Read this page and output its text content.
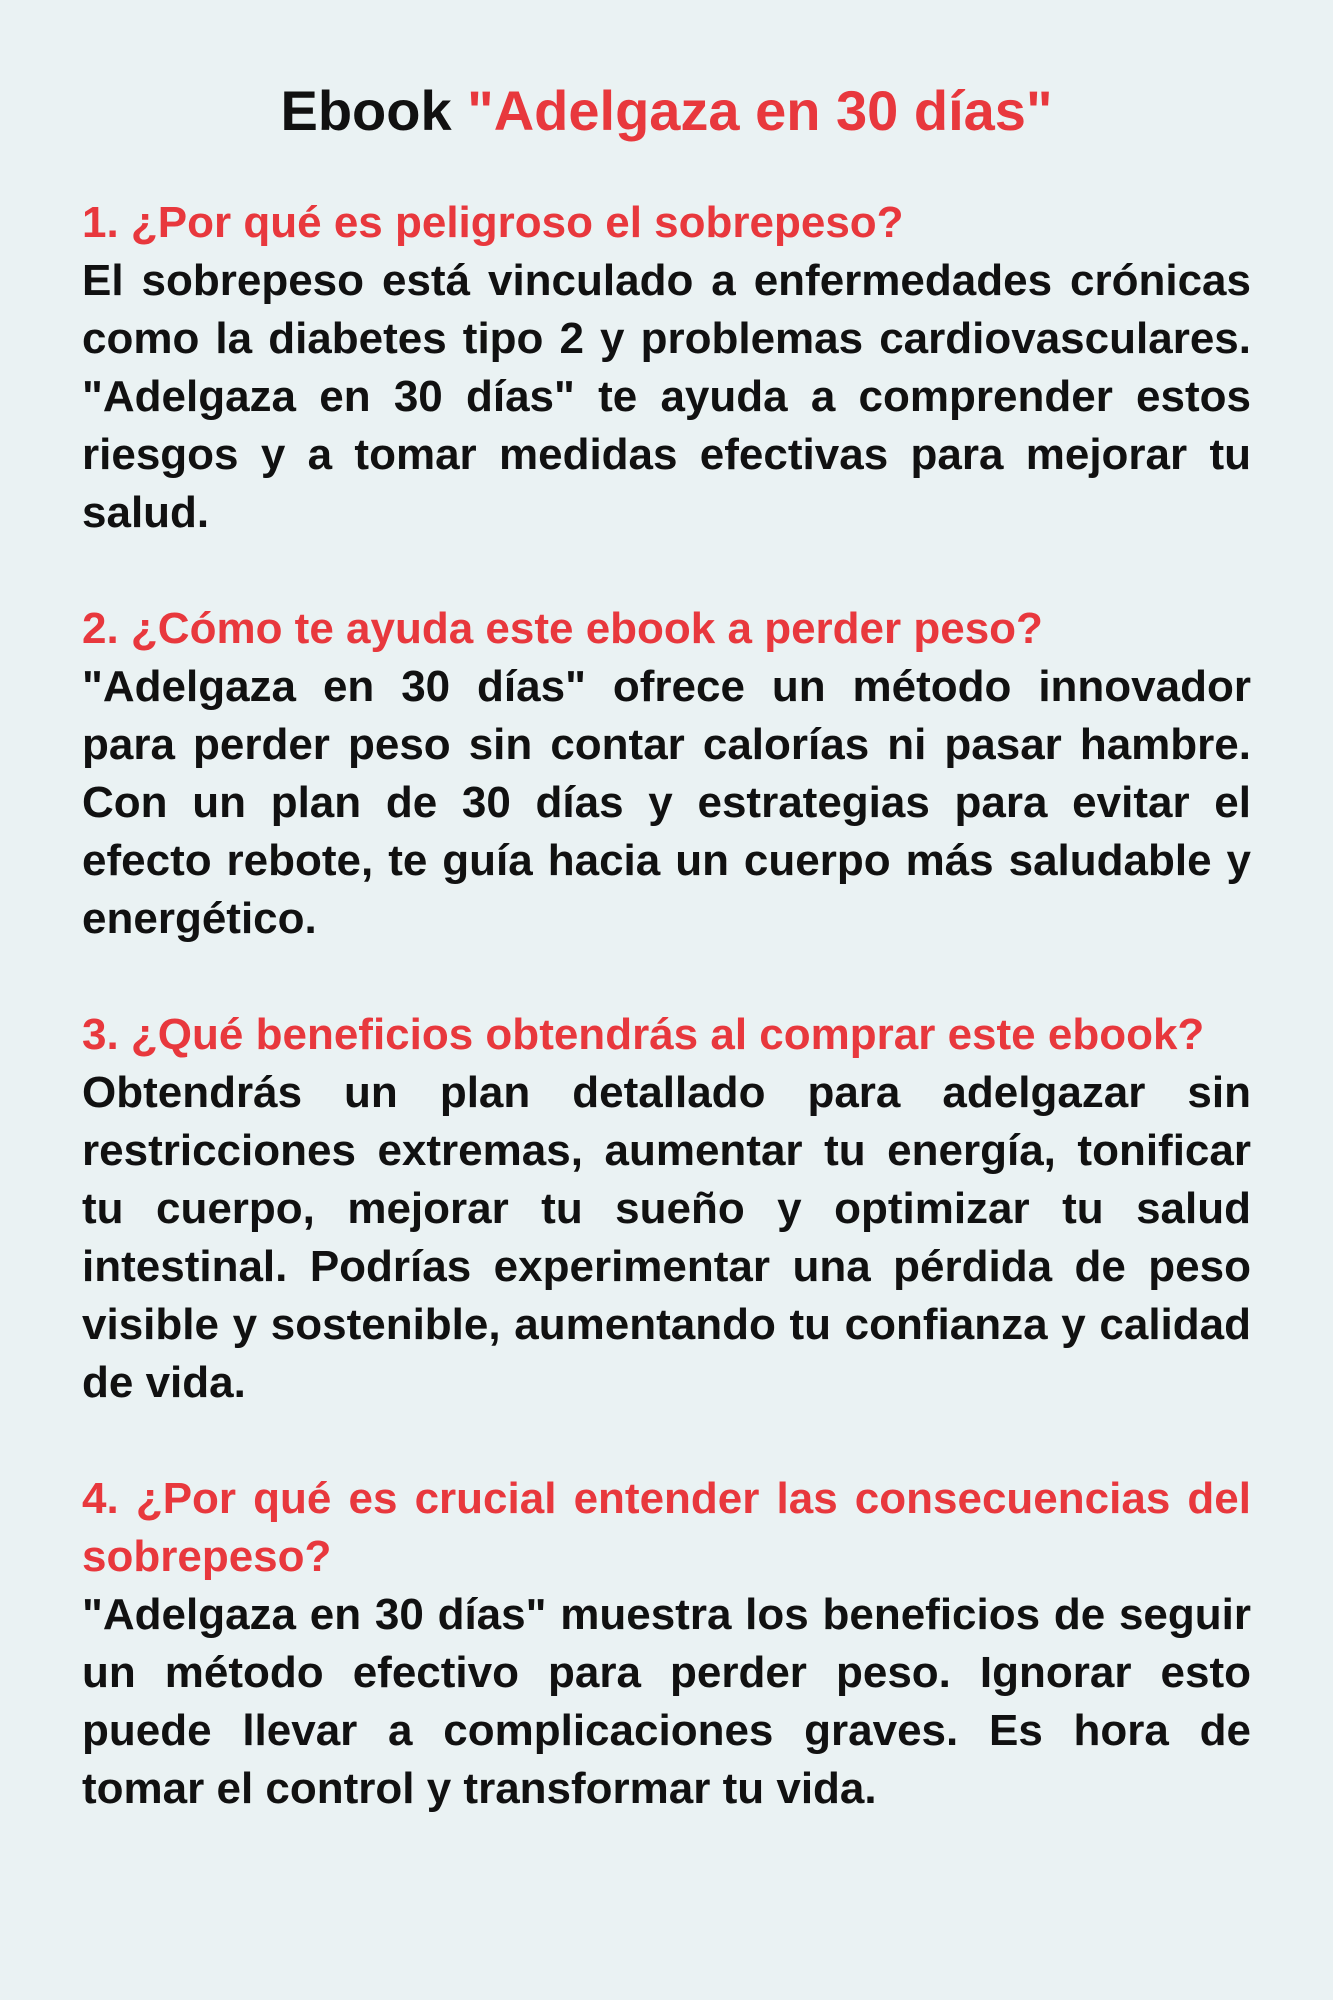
Ebook "Adelgaza en 30 días"

1. ¿Por qué es peligroso el sobrepeso?

El sobrepeso está vinculado a enfermedades crónicas como la diabetes tipo 2 y problemas cardiovasculares. "Adelgaza en 30 días" te ayuda a comprender estos riesgos y a tomar medidas efectivas para mejorar tu salud.

2. ¿Cómo te ayuda este ebook a perder peso?

"Adelgaza en 30 días" ofrece un método innovador para perder peso sin contar calorías ni pasar hambre. Con un plan de 30 días y estrategias para evitar el efecto rebote, te guía hacia un cuerpo más saludable y energético.

3. ¿Qué beneficios obtendrás al comprar este ebook?

Obtendrás un plan detallado para adelgazar sin restricciones extremas, aumentar tu energía, tonificar tu cuerpo, mejorar tu sueño y optimizar tu salud intestinal. Podrías experimentar una pérdida de peso visible y sostenible, aumentando tu confianza y calidad de vida.

4. ¿Por qué es crucial entender las consecuencias del sobrepeso?

"Adelgaza en 30 días" muestra los beneficios de seguir un método efectivo para perder peso. Ignorar esto puede llevar a complicaciones graves. Es hora de tomar el control y transformar tu vida.
